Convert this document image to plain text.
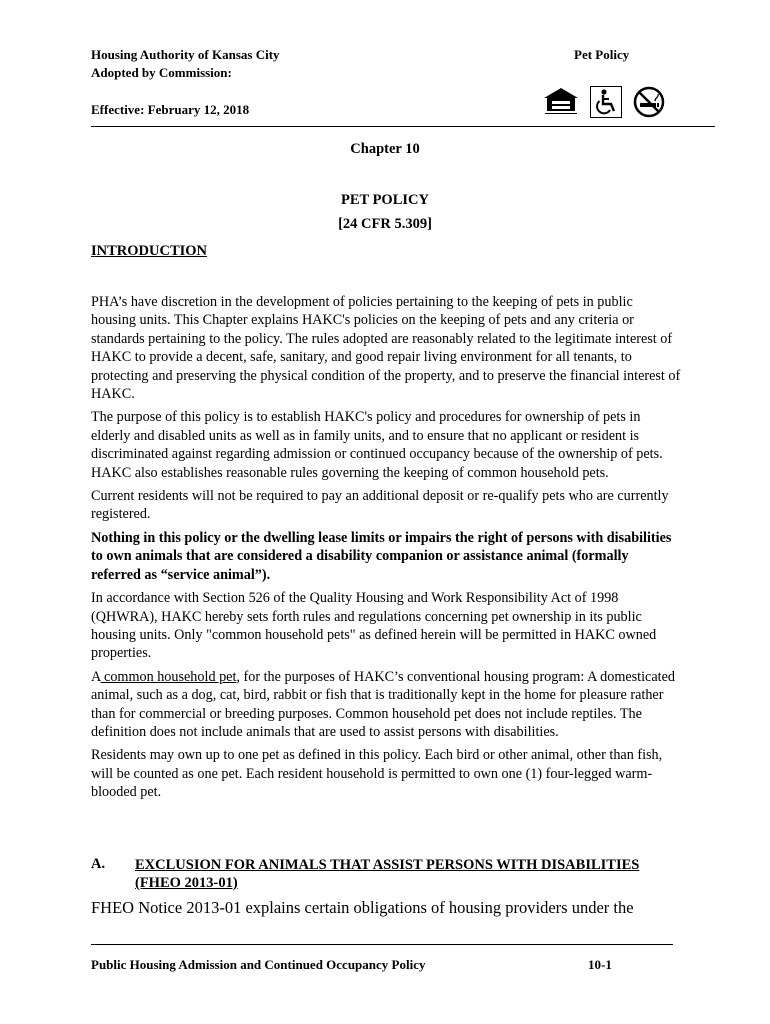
Housing Authority of Kansas City
Adopted by Commission:
Effective: February 12, 2018
Pet Policy
Chapter 10
PET POLICY
[24 CFR 5.309]
INTRODUCTION

PHA’s have discretion in the development of policies pertaining to the keeping of pets in public housing units. This Chapter explains HAKC's policies on the keeping of pets and any criteria or standards pertaining to the policy. The rules adopted are reasonably related to the legitimate interest of HAKC to provide a decent, safe, sanitary, and good repair living environment for all tenants, to protecting and preserving the physical condition of the property, and to preserve the financial interest of HAKC.

The purpose of this policy is to establish HAKC's policy and procedures for ownership of pets in elderly and disabled units as well as in family units, and to ensure that no applicant or resident is discriminated against regarding admission or continued occupancy because of the ownership of pets. HAKC also establishes reasonable rules governing the keeping of common household pets.

Current residents will not be required to pay an additional deposit or re-qualify pets who are currently registered.

Nothing in this policy or the dwelling lease limits or impairs the right of persons with disabilities to own animals that are considered a disability companion or assistance animal (formally referred as “service animal”).

In accordance with Section 526 of the Quality Housing and Work Responsibility Act of 1998 (QHWRA), HAKC hereby sets forth rules and regulations concerning pet ownership in its public housing units. Only "common household pets" as defined herein will be permitted in HAKC owned properties.

A common household pet, for the purposes of HAKC’s conventional housing program: A domesticated animal, such as a dog, cat, bird, rabbit or fish that is traditionally kept in the home for pleasure rather than for commercial or breeding purposes. Common household pet does not include reptiles. The definition does not include animals that are used to assist persons with disabilities.

Residents may own up to one pet as defined in this policy. Each bird or other animal, other than fish, will be counted as one pet. Each resident household is permitted to own one (1) four-legged warm-blooded pet.

A. EXCLUSION FOR ANIMALS THAT ASSIST PERSONS WITH DISABILITIES
(FHEO 2013-01)
FHEO Notice 2013-01 explains certain obligations of housing providers under the
Public Housing Admission and Continued Occupancy Policy	10-1
